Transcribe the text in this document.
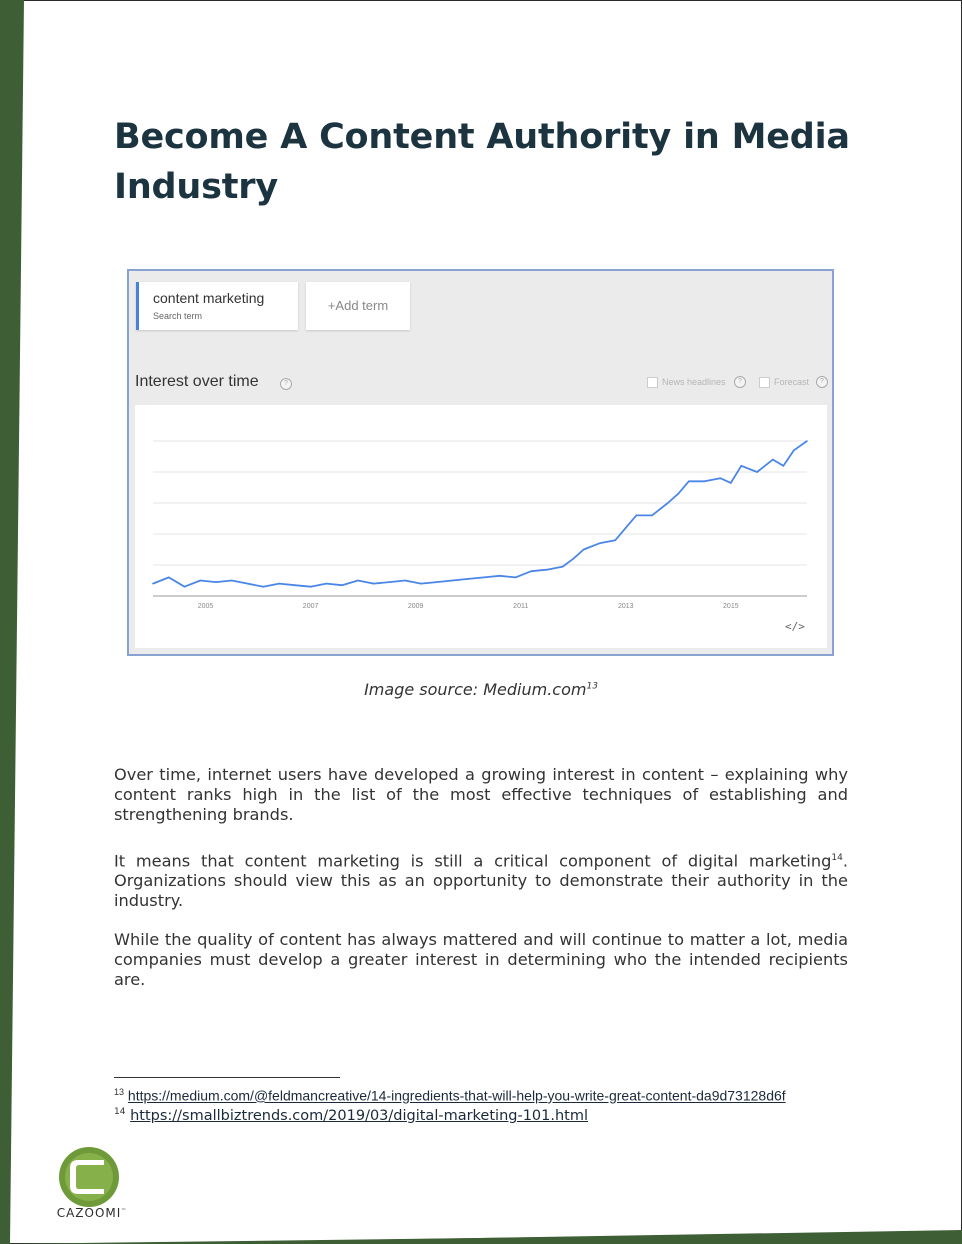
Become A Content Authority in Media Industry
content marketing
Search term
+Add term
Interest over time	?	News headlines	?	Forecast	?
2005	2007	2009	2011	2013	2015
</>
Image source: Medium.com$^{13}$

Over time, internet users have developed a growing interest in content – explaining why content ranks high in the list of the most effective techniques of establishing and strengthening brands.

It means that content marketing is still a critical component of digital marketing$^{14}$. Organizations should view this as an opportunity to demonstrate their authority in the industry.

While the quality of content has always mattered and will continue to matter a lot, media companies must develop a greater interest in determining who the intended recipients are.

$^{13}$ https://medium.com/@feldmancreative/14-ingredients-that-will-help-you-write-great-content-da9d73128d6f
$^{14}$ https://smallbiztrends.com/2019/03/digital-marketing-101.html
CAZOOMI™
